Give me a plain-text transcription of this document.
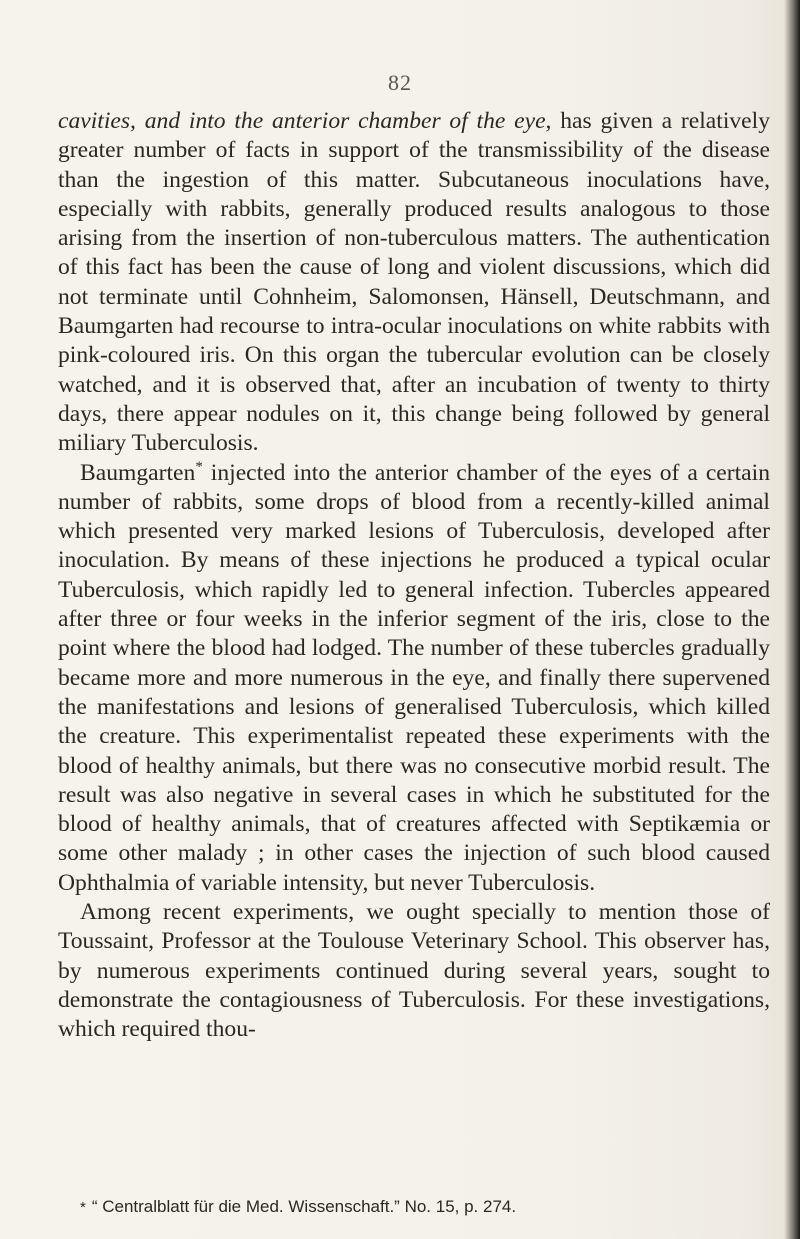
82

cavities, and into the anterior chamber of the eye, has given a relatively greater number of facts in support of the transmissibility of the disease than the ingestion of this matter. Subcutaneous inoculations have, especially with rabbits, generally produced results analogous to those arising from the insertion of non-tuberculous matters. The authentication of this fact has been the cause of long and violent discussions, which did not terminate until Cohnheim, Salomonsen, Hänsell, Deutschmann, and Baumgarten had recourse to intra-ocular inoculations on white rabbits with pink-coloured iris. On this organ the tubercular evolution can be closely watched, and it is observed that, after an incubation of twenty to thirty days, there appear nodules on it, this change being followed by general miliary Tuberculosis.

Baumgarten* injected into the anterior chamber of the eyes of a certain number of rabbits, some drops of blood from a recently-killed animal which presented very marked lesions of Tuberculosis, developed after inoculation. By means of these injections he produced a typical ocular Tuberculosis, which rapidly led to general infection. Tubercles appeared after three or four weeks in the inferior segment of the iris, close to the point where the blood had lodged. The number of these tubercles gradually became more and more numerous in the eye, and finally there supervened the manifestations and lesions of generalised Tuberculosis, which killed the creature. This experimentalist repeated these experiments with the blood of healthy animals, but there was no consecutive morbid result. The result was also negative in several cases in which he substituted for the blood of healthy animals, that of creatures affected with Septikæmia or some other malady ; in other cases the injection of such blood caused Ophthalmia of variable intensity, but never Tuberculosis.

Among recent experiments, we ought specially to mention those of Toussaint, Professor at the Toulouse Veterinary School. This observer has, by numerous experiments continued during several years, sought to demonstrate the contagiousness of Tuberculosis. For these investigations, which required thou-

* “ Centralblatt für die Med. Wissenschaft.” No. 15, p. 274.
